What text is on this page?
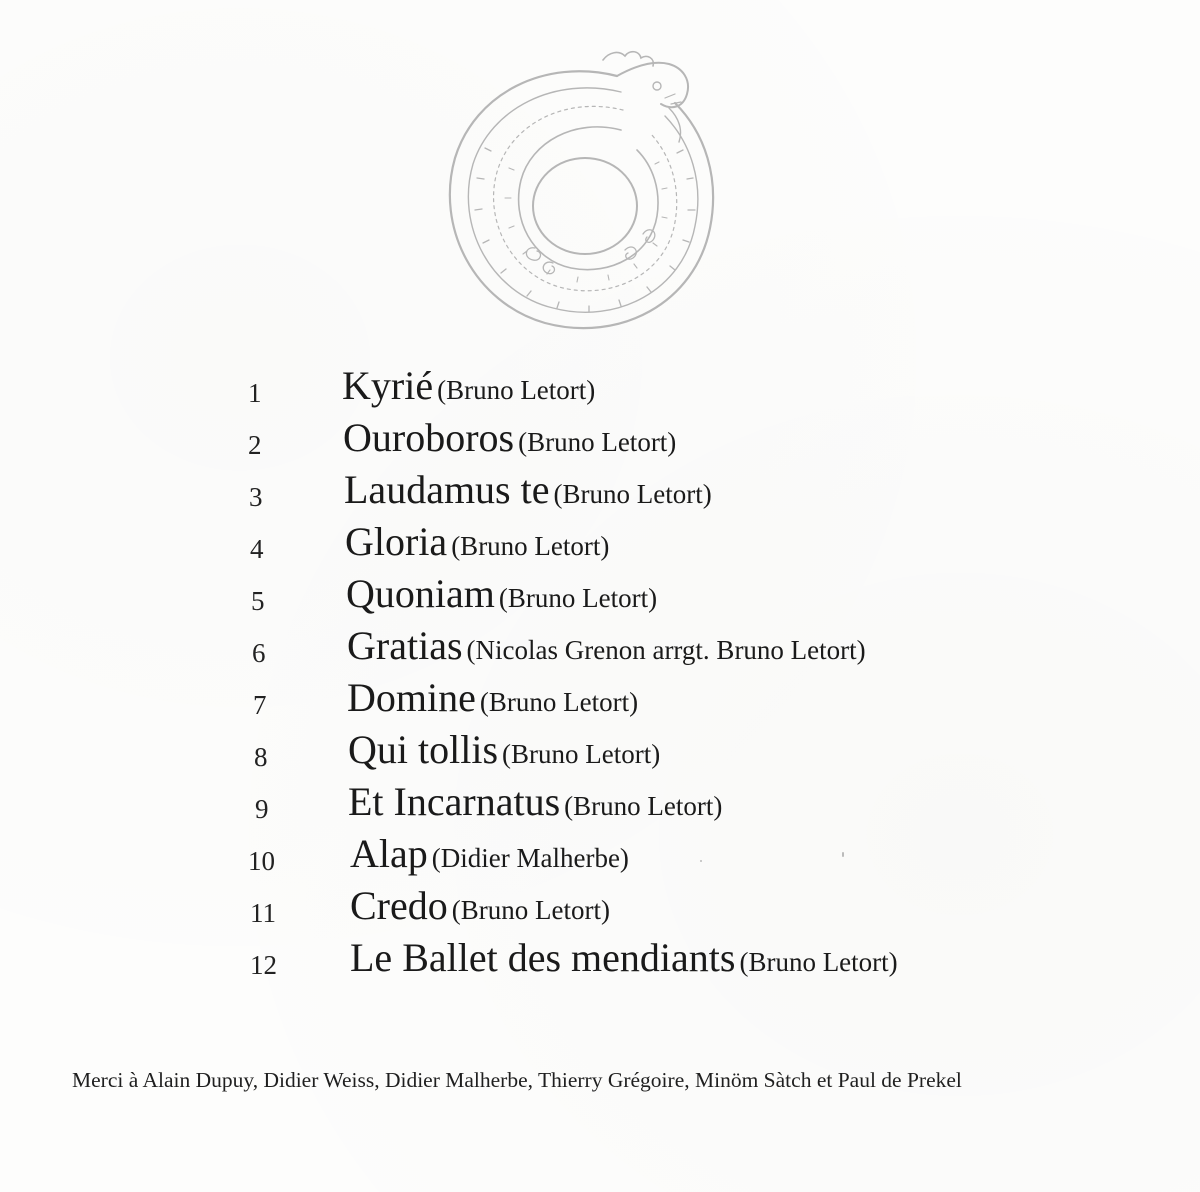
1	Kyrié (Bruno Letort)
2	Ouroboros (Bruno Letort)
3	Laudamus te (Bruno Letort)
4	Gloria (Bruno Letort)
5	Quoniam (Bruno Letort)
6	Gratias (Nicolas Grenon arrgt. Bruno Letort)
7	Domine (Bruno Letort)
8	Qui tollis (Bruno Letort)
9	Et Incarnatus (Bruno Letort)
10	Alap (Didier Malherbe)
11	Credo (Bruno Letort)
12	Le Ballet des mendiants (Bruno Letort)
Merci à Alain Dupuy, Didier Weiss, Didier Malherbe, Thierry Grégoire, Minöm Sàtch et Paul de Prekel
